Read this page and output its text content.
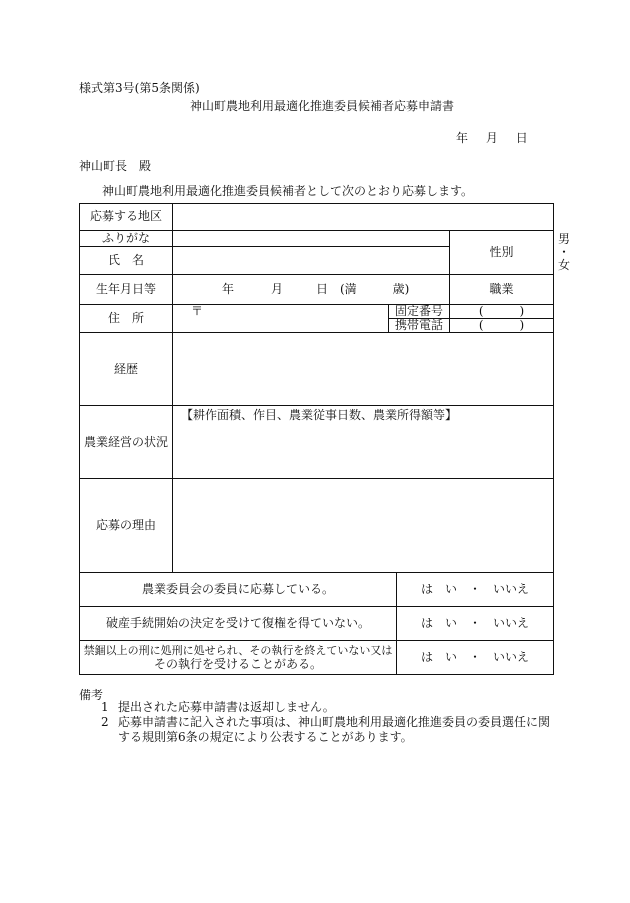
様式第3号(第5条関係)
神山町農地利用最適化推進委員候補者応募申請書
年 月 日
神山町長　殿
神山町農地利用最適化推進委員候補者として次のとおり応募します。
応募する地区					
ふりがな				性別	男 ・ 女
氏　名					
生年月日等	年 月 日 (満　　　歳)			職業	
住　所	〒	固定番号		(　　　)	
		携帯電話		(　　　)	
経歴					
農業経営の状況	【耕作面積、作目、農業従事日数、農業所得額等】				
応募の理由					
農業委員会の委員に応募している。			は　い　・　いいえ		
破産手続開始の決定を受けて復権を得ていない。			は　い　・　いいえ		

禁錮以上の刑に処刑に処せられ、その執行を終えていない又は
その執行を受けることがある。			は　い　・　いいえ		
備考
1 提出された応募申請書は返却しません。
2 応募申請書に記入された事項は、神山町農地利用最適化推進委員の委員選任に関する規則第6条の規定により公表することがあります。
